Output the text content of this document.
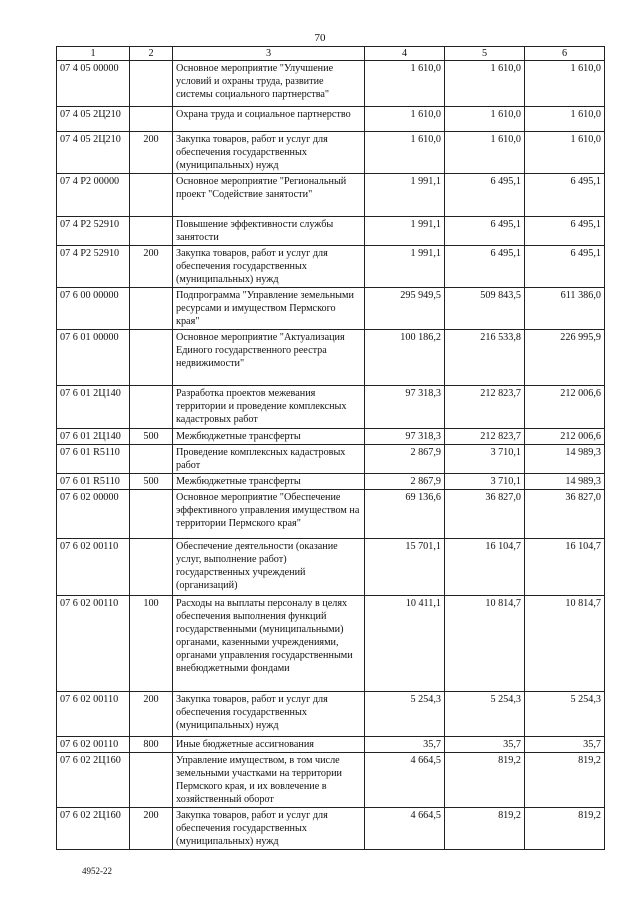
70
1	2	3	4	5	6
07 4 05 00000		Основное мероприятие "Улучшение условий и охраны труда, развитие системы социального партнерства"	1 610,0	1 610,0	1 610,0
07 4 05 2Ц210		Охрана труда и социальное партнерство	1 610,0	1 610,0	1 610,0
07 4 05 2Ц210	200	Закупка товаров, работ и услуг для обеспечения государственных (муниципальных) нужд	1 610,0	1 610,0	1 610,0
07 4 P2 00000		Основное мероприятие "Региональный проект "Содействие занятости"	1 991,1	6 495,1	6 495,1
07 4 P2 52910		Повышение эффективности службы занятости	1 991,1	6 495,1	6 495,1
07 4 P2 52910	200	Закупка товаров, работ и услуг для обеспечения государственных (муниципальных) нужд	1 991,1	6 495,1	6 495,1
07 6 00 00000		Подпрограмма "Управление земельными ресурсами и имуществом Пермского края"	295 949,5	509 843,5	611 386,0
07 6 01 00000		Основное мероприятие "Актуализация Единого государственного реестра недвижимости"	100 186,2	216 533,8	226 995,9
07 6 01 2Ц140		Разработка проектов межевания территории и проведение комплексных кадастровых работ	97 318,3	212 823,7	212 006,6
07 6 01 2Ц140	500	Межбюджетные трансферты	97 318,3	212 823,7	212 006,6
07 6 01 R5110		Проведение комплексных кадастровых работ	2 867,9	3 710,1	14 989,3
07 6 01 R5110	500	Межбюджетные трансферты	2 867,9	3 710,1	14 989,3
07 6 02 00000		Основное мероприятие "Обеспечение эффективного управления имуществом на территории Пермского края"	69 136,6	36 827,0	36 827,0
07 6 02 00110		Обеспечение деятельности (оказание услуг, выполнение работ) государственных учреждений (организаций)	15 701,1	16 104,7	16 104,7
07 6 02 00110	100	Расходы на выплаты персоналу в целях обеспечения выполнения функций государственными (муниципальными) органами, казенными учреждениями, органами управления государственными внебюджетными фондами	10 411,1	10 814,7	10 814,7
07 6 02 00110	200	Закупка товаров, работ и услуг для обеспечения государственных (муниципальных) нужд	5 254,3	5 254,3	5 254,3
07 6 02 00110	800	Иные бюджетные ассигнования	35,7	35,7	35,7
07 6 02 2Ц160		Управление имуществом, в том числе земельными участками на территории Пермского края, и их вовлечение в хозяйственный оборот	4 664,5	819,2	819,2
07 6 02 2Ц160	200	Закупка товаров, работ и услуг для обеспечения государственных (муниципальных) нужд	4 664,5	819,2	819,2
4952-22
